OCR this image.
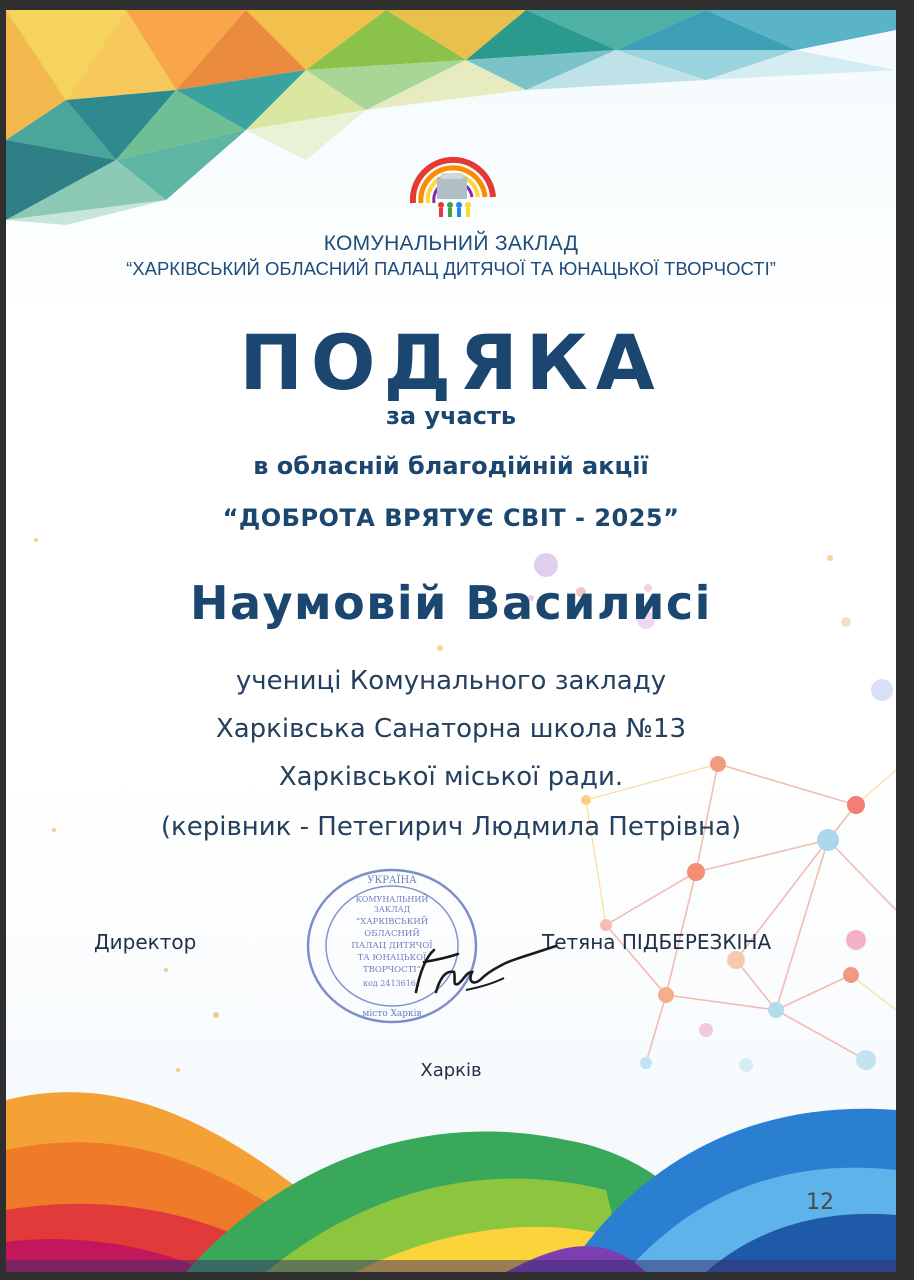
КОМУНАЛЬНИЙ ЗАКЛАД
“ХАРКІВСЬКИЙ ОБЛАСНИЙ ПАЛАЦ ДИТЯЧОЇ ТА ЮНАЦЬКОЇ ТВОРЧОСТІ”
ПОДЯКА
за участь
в обласній благодійній акції
“ДОБРОТА ВРЯТУЄ СВІТ - 2025”
Наумовій Василисі
учениці Комунального закладу
Харківська Санаторна школа №13
Харківської міської ради.
(керівник - Петегирич Людмила Петрівна)
УКРАЇНА
КОМУНАЛЬНИЙ
ЗАКЛАД
“ХАРКІВСЬКИЙ
ОБЛАСНИЙ
ПАЛАЦ ДИТЯЧОЇ
ТА ЮНАЦЬКОЇ
ТВОРЧОСТІ”
код 24136161
місто Харків
Директор	Тетяна ПІДБЕРЕЗКІНА
Харків
12
